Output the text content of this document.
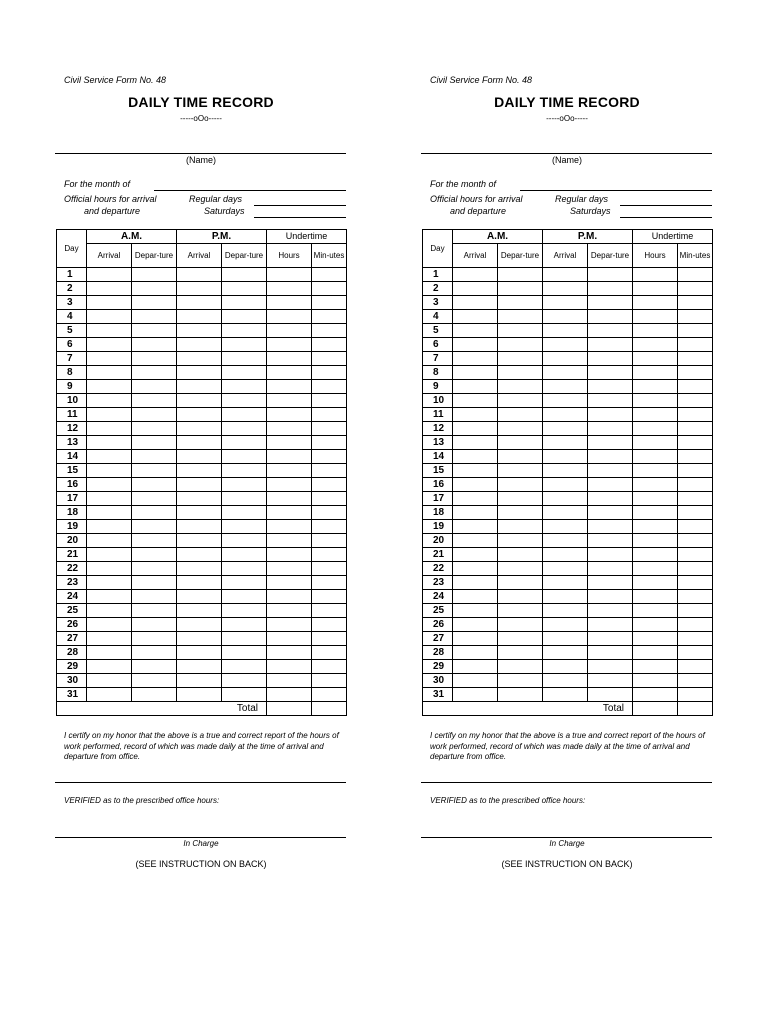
Civil Service Form No. 48
DAILY TIME RECORD
-----oOo-----
(Name)
For the month of
Official hours for arrival
and departure
Regular days
Saturdays
Day	A.M.		P.M.		Undertime	
	Arrival	Depar-ture	Arrival	Depar-ture	Hours	Min-utes
1						
2						
3						
4						
5						
6						
7						
8						
9						
10						
11						
12						
13						
14						
15						
16						
17						
18						
19						
20						
21						
22						
23						
24						
25						
26						
27						
28						
29						
30						
31						
Total						
I certify on my honor that the above is a true and correct report of the hours of work performed, record of which was made daily at the time of arrival and departure from office.
VERIFIED as to the prescribed office hours:
In Charge
(SEE INSTRUCTION ON BACK)
Civil Service Form No. 48
DAILY TIME RECORD
-----oOo-----
(Name)
For the month of
Official hours for arrival
and departure
Regular days
Saturdays
Day	A.M.		P.M.		Undertime	
	Arrival	Depar-ture	Arrival	Depar-ture	Hours	Min-utes
1						
2						
3						
4						
5						
6						
7						
8						
9						
10						
11						
12						
13						
14						
15						
16						
17						
18						
19						
20						
21						
22						
23						
24						
25						
26						
27						
28						
29						
30						
31						
Total						
I certify on my honor that the above is a true and correct report of the hours of work performed, record of which was made daily at the time of arrival and departure from office.
VERIFIED as to the prescribed office hours:
In Charge
(SEE INSTRUCTION ON BACK)
